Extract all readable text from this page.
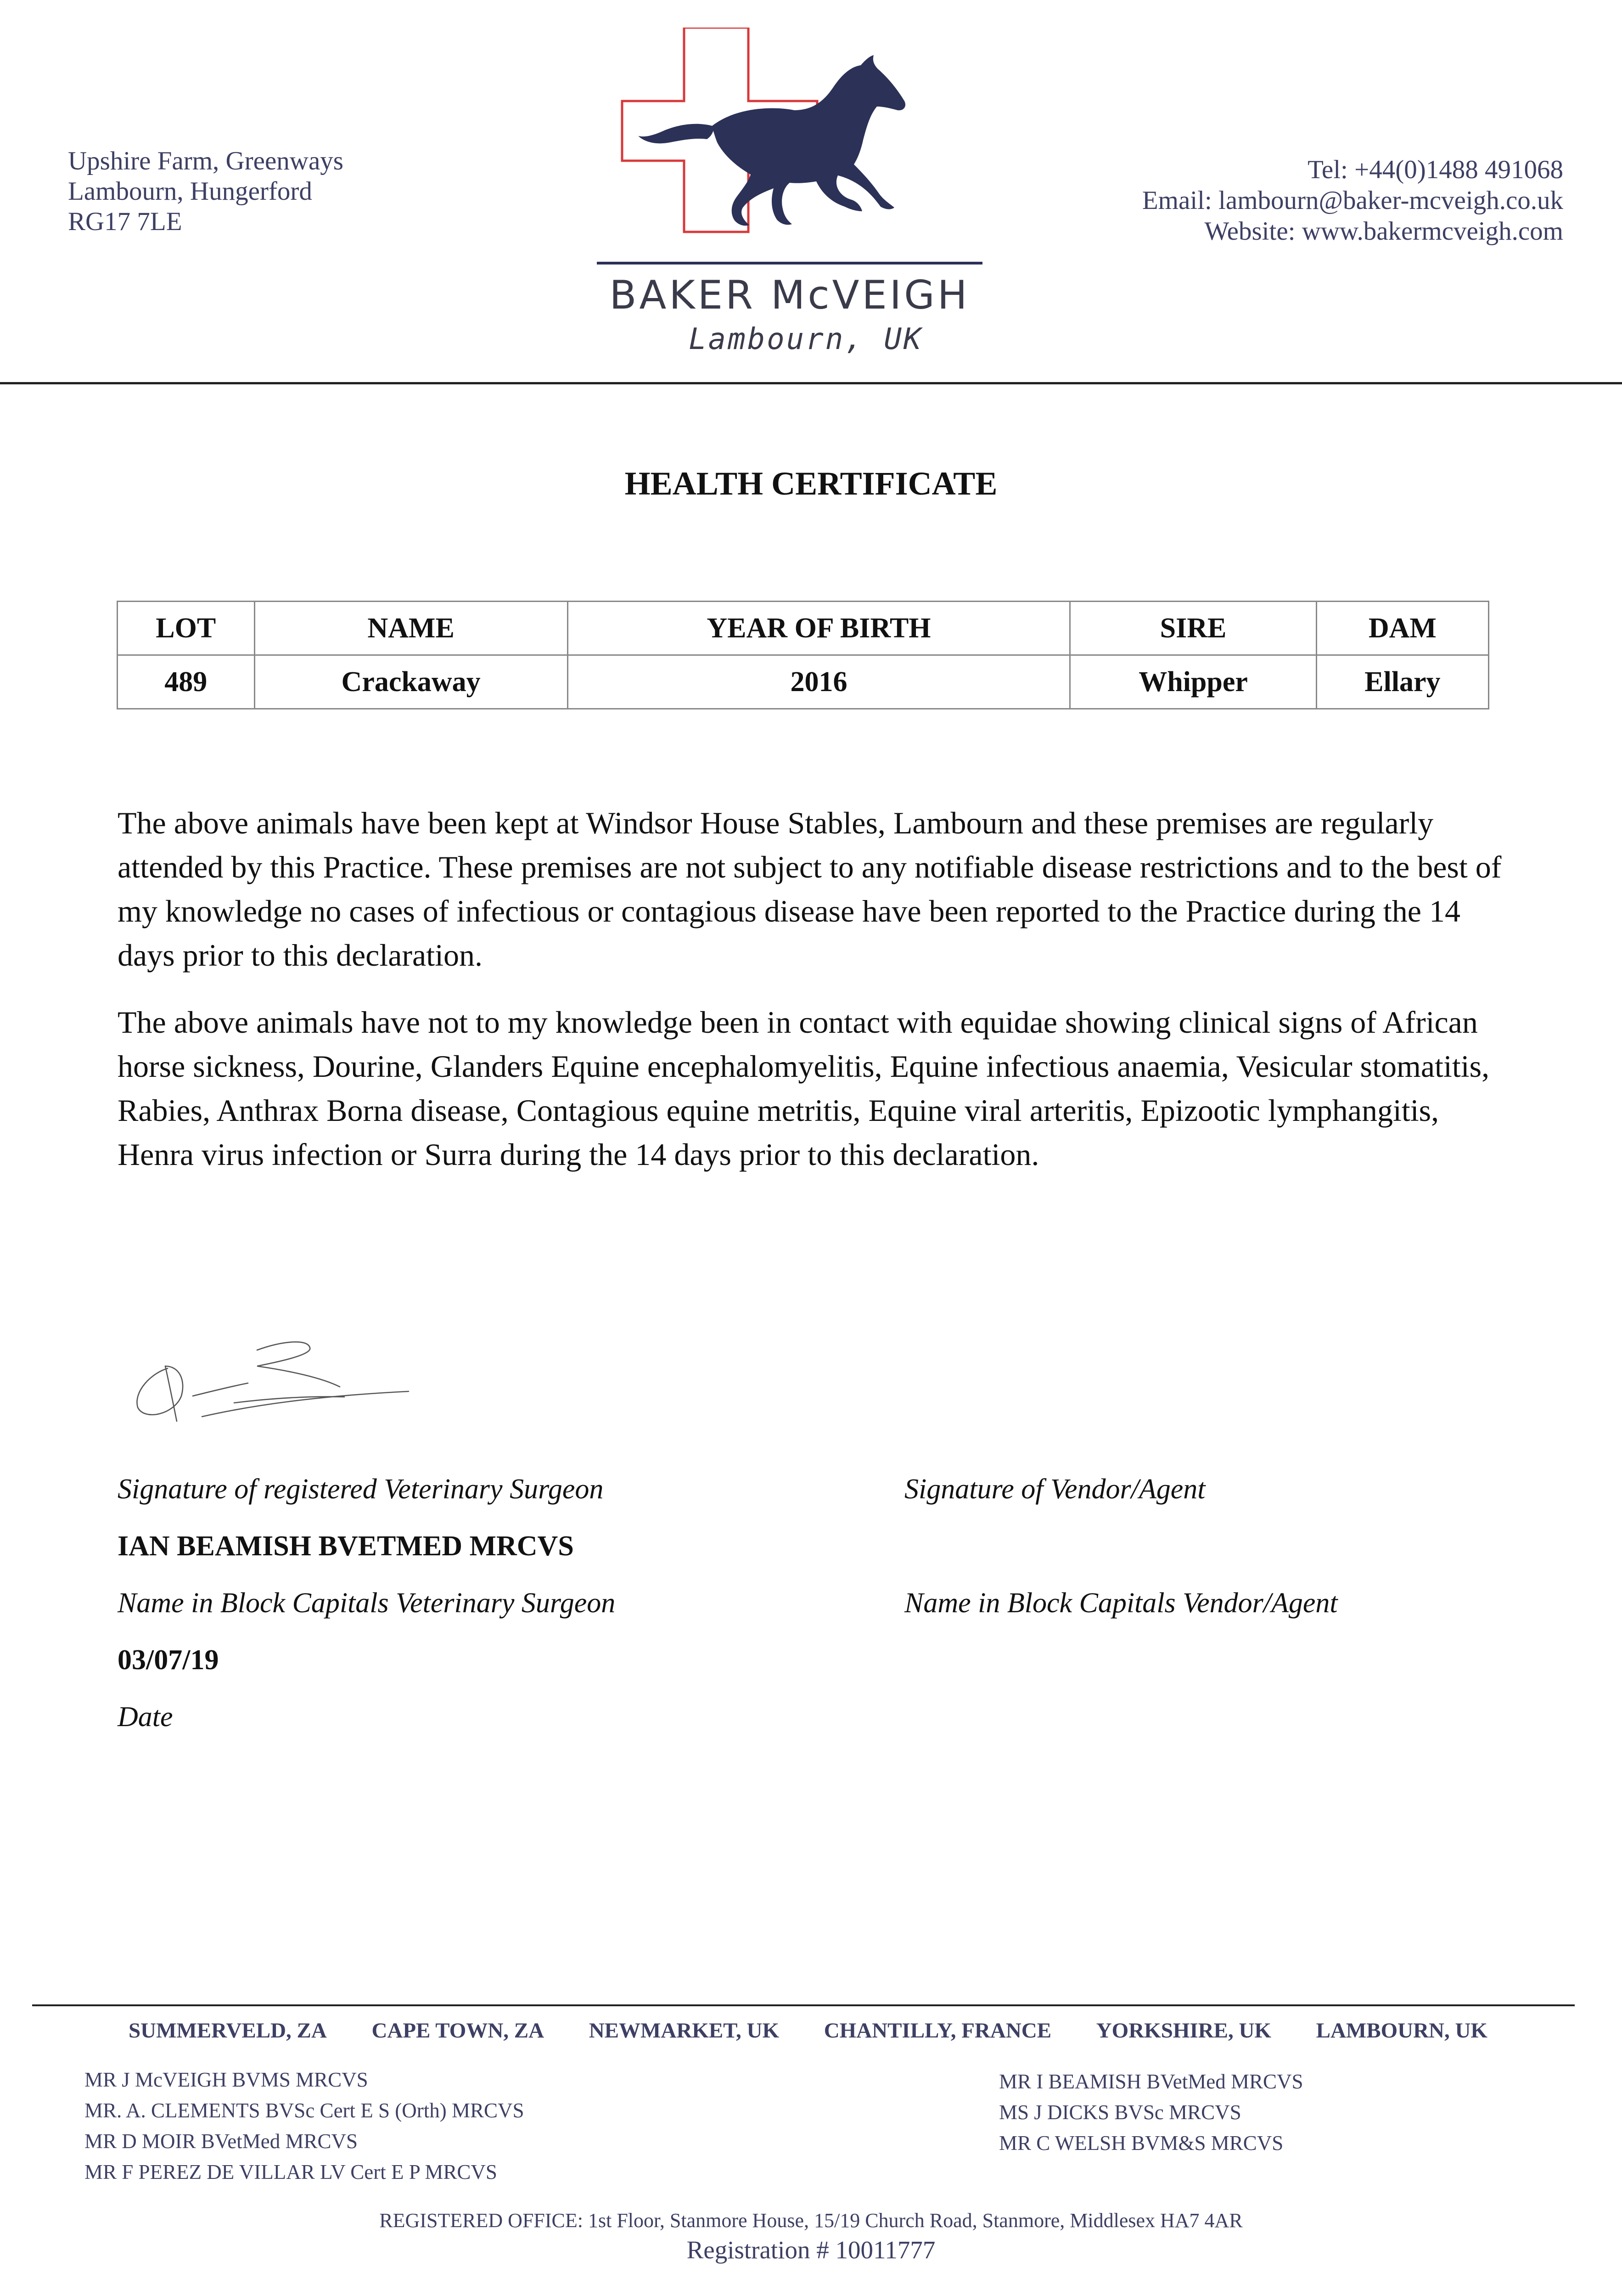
Upshire Farm, Greenways
Lambourn, Hungerford
RG17 7LE
BAKER McVEIGH
Lambourn, UK
Tel: +44(0)1488 491068
Email: lambourn@baker-mcveigh.co.uk
Website: www.bakermcveigh.com
HEALTH CERTIFICATE
LOT	NAME	YEAR OF BIRTH	SIRE	DAM
489	Crackaway	2016	Whipper	Ellary
The above animals have been kept at Windsor House Stables, Lambourn and these premises are regularly attended by this Practice. These premises are not subject to any notifiable disease restrictions and to the best of my knowledge no cases of infectious or contagious disease have been reported to the Practice during the 14 days prior to this declaration.
The above animals have not to my knowledge been in contact with equidae showing clinical signs of African horse sickness, Dourine, Glanders Equine encephalomyelitis, Equine infectious anaemia, Vesicular stomatitis, Rabies, Anthrax Borna disease, Contagious equine metritis, Equine viral arteritis, Epizootic lymphangitis, Henra virus infection or Surra during the 14 days prior to this declaration.
Signature of registered Veterinary Surgeon	Signature of Vendor/Agent
IAN BEAMISH BVETMED MRCVS
Name in Block Capitals Veterinary Surgeon	Name in Block Capitals Vendor/Agent
03/07/19
Date
SUMMERVELD, ZA CAPE TOWN, ZA NEWMARKET, UK CHANTILLY, FRANCE YORKSHIRE, UK LAMBOURN, UK
MR J McVEIGH BVMS MRCVS
MR. A. CLEMENTS BVSc Cert E S (Orth) MRCVS
MR D MOIR BVetMed MRCVS
MR F PEREZ DE VILLAR LV Cert E P MRCVS
MR I BEAMISH BVetMed MRCVS
MS J DICKS BVSc MRCVS
MR C WELSH BVM&S MRCVS
REGISTERED OFFICE: 1st Floor, Stanmore House, 15/19 Church Road, Stanmore, Middlesex HA7 4AR
Registration # 10011777
